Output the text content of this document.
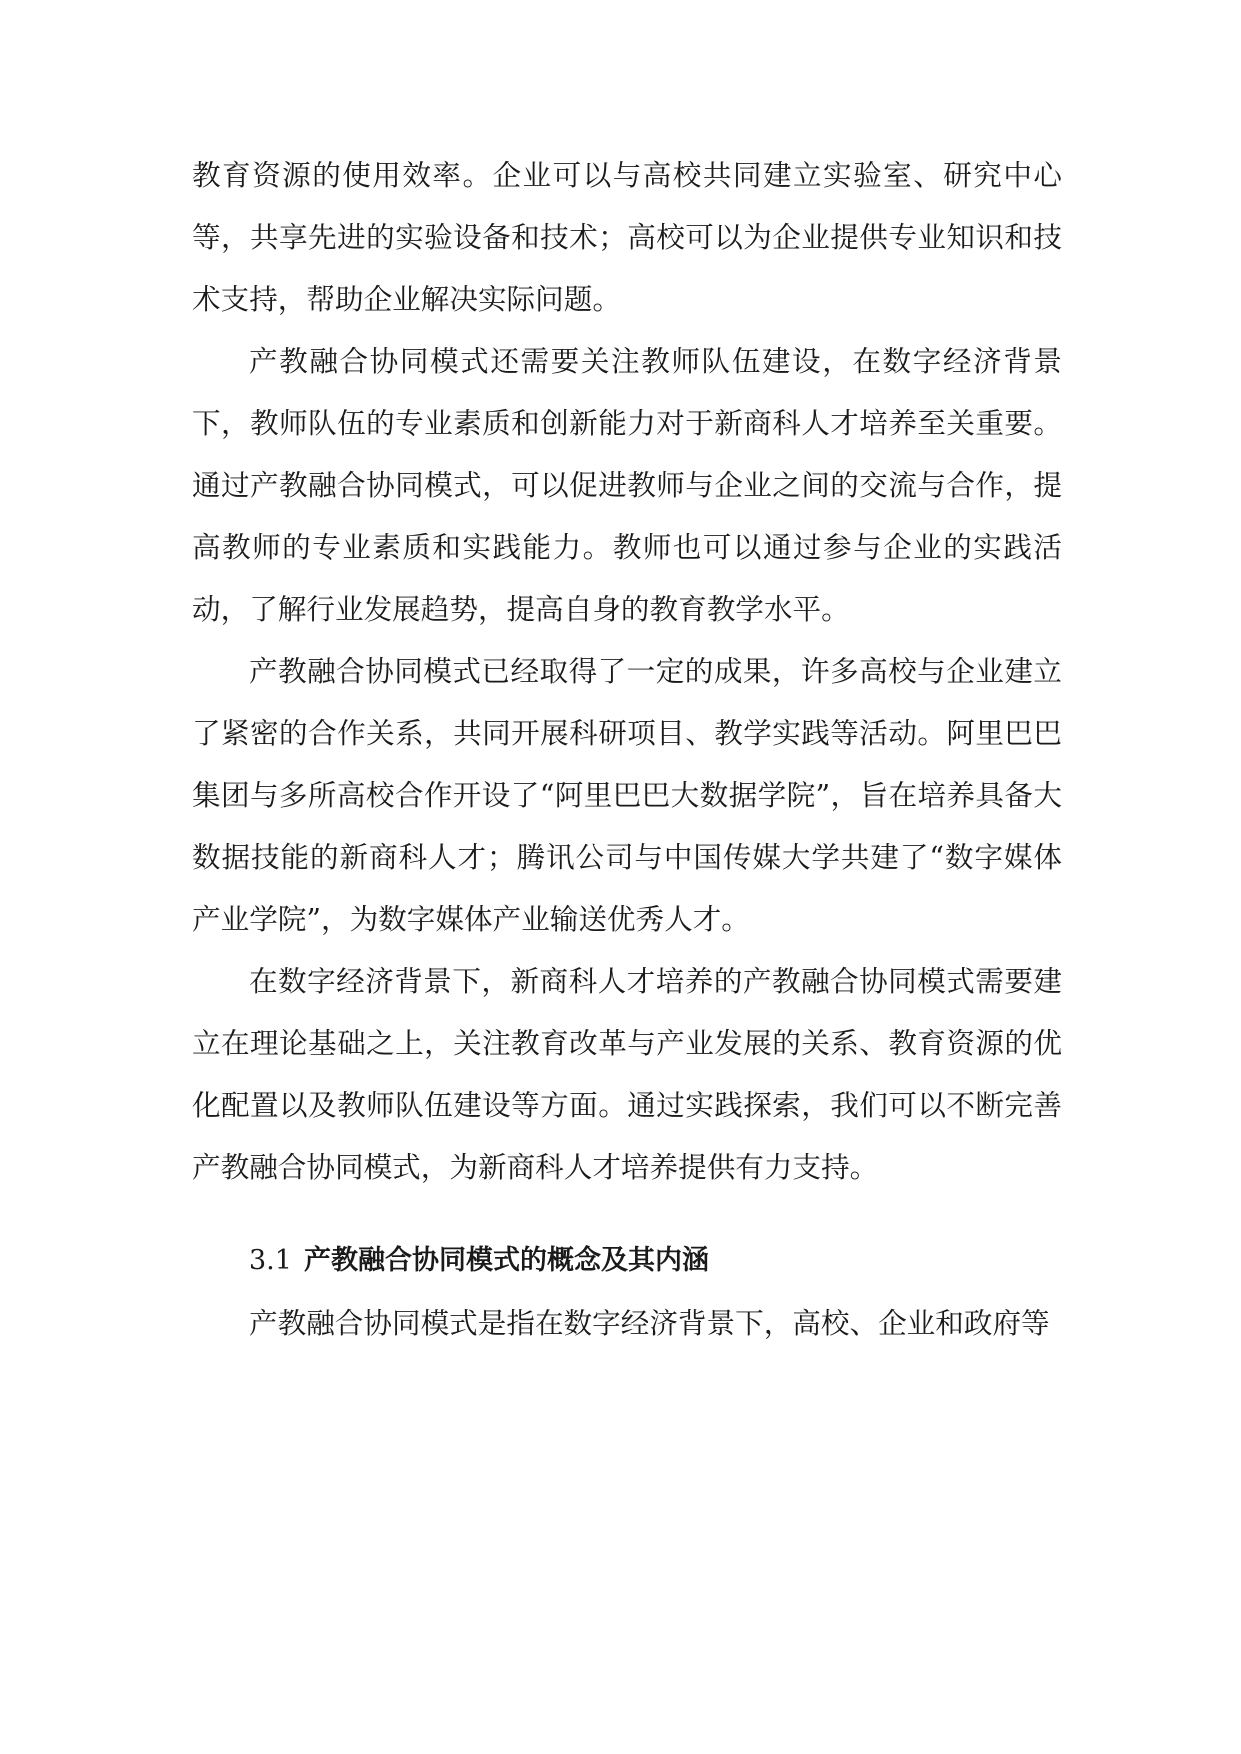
教育资源的使用效率。企业可以与高校共同建立实验室、研究中心等，共享先进的实验设备和技术；高校可以为企业提供专业知识和技术支持，帮助企业解决实际问题。

产教融合协同模式还需要关注教师队伍建设，在数字经济背景下，教师队伍的专业素质和创新能力对于新商科人才培养至关重要。通过产教融合协同模式，可以促进教师与企业之间的交流与合作，提高教师的专业素质和实践能力。教师也可以通过参与企业的实践活动，了解行业发展趋势，提高自身的教育教学水平。

产教融合协同模式已经取得了一定的成果，许多高校与企业建立了紧密的合作关系，共同开展科研项目、教学实践等活动。阿里巴巴集团与多所高校合作开设了“阿里巴巴大数据学院”，旨在培养具备大数据技能的新商科人才；腾讯公司与中国传媒大学共建了“数字媒体产业学院”，为数字媒体产业输送优秀人才。

在数字经济背景下，新商科人才培养的产教融合协同模式需要建立在理论基础之上，关注教育改革与产业发展的关系、教育资源的优化配置以及教师队伍建设等方面。通过实践探索，我们可以不断完善产教融合协同模式，为新商科人才培养提供有力支持。

3.1 产教融合协同模式的概念及其内涵

产教融合协同模式是指在数字经济背景下，高校、企业和政府等
